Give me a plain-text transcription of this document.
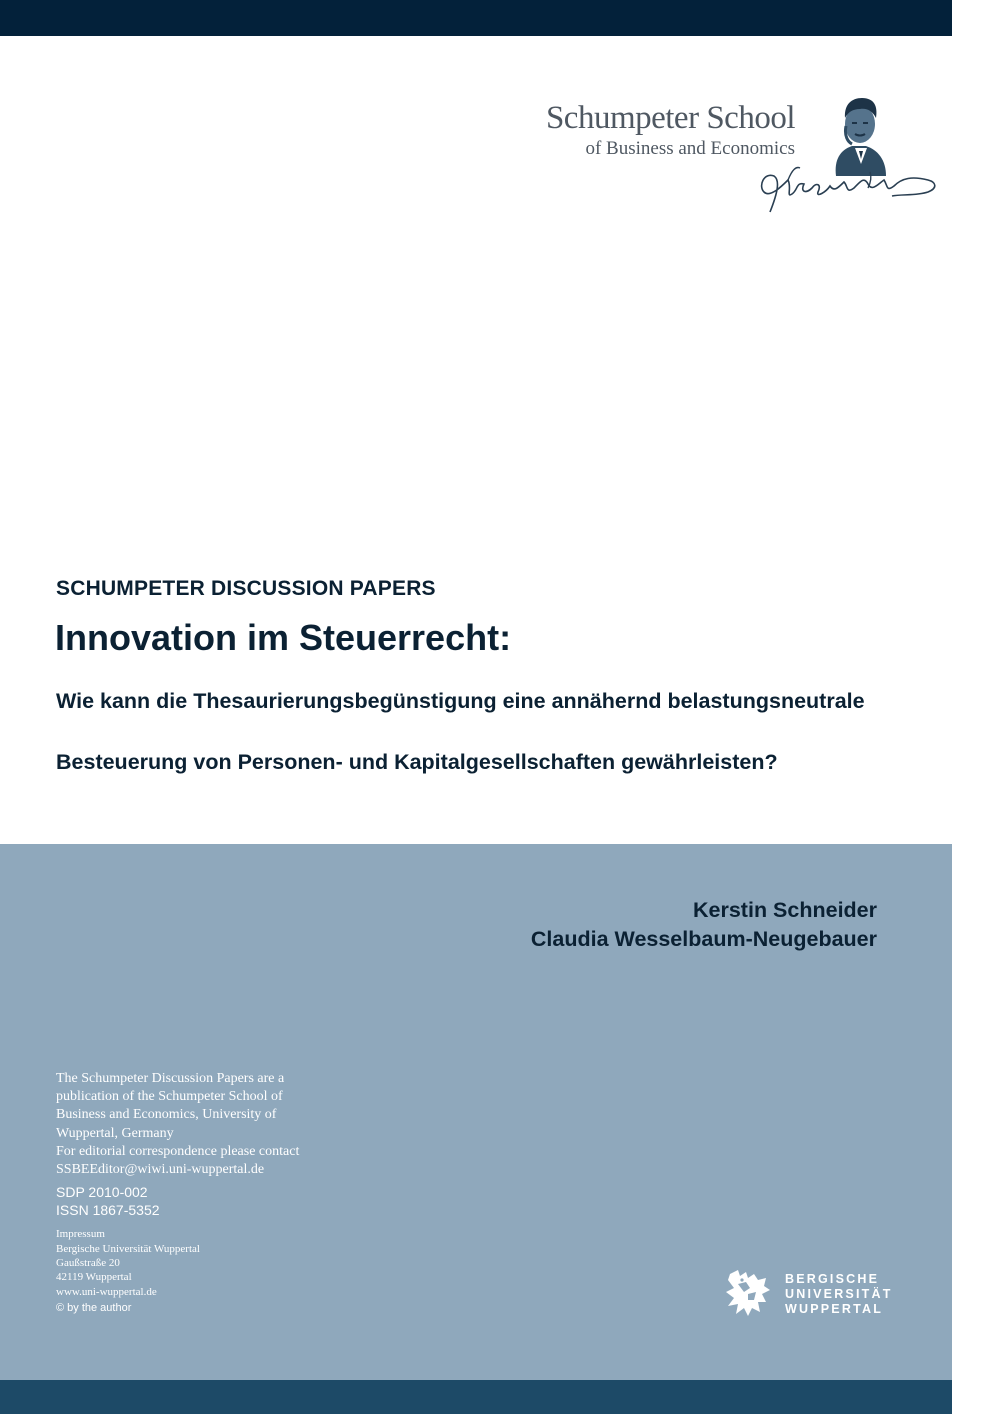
Schumpeter School
of Business and Economics
SCHUMPETER DISCUSSION PAPERS
Innovation im Steuerrecht:
Wie kann die Thesaurierungsbegünstigung eine annähernd belastungsneutrale
Besteuerung von Personen- und Kapitalgesellschaften gewährleisten?
Kerstin Schneider
Claudia Wesselbaum-Neugebauer
The Schumpeter Discussion Papers are a
publication of the Schumpeter School of
Business and Economics, University of
Wuppertal, Germany
For editorial correspondence please contact
SSBEEditor@wiwi.uni-wuppertal.de
SDP 2010-002
ISSN 1867-5352
Impressum
Bergische Universität Wuppertal
Gaußstraße 20
42119 Wuppertal
www.uni-wuppertal.de
© by the author
BERGISCHE
UNIVERSITÄT
WUPPERTAL
